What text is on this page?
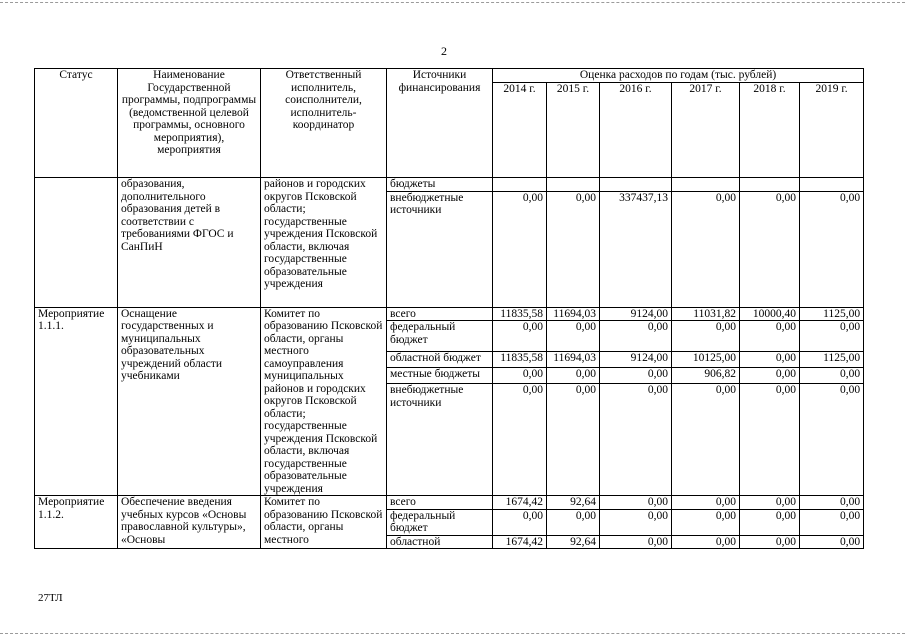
2
Статус	Наименование Государственной программы, подпрограммы (ведомственной целевой программы, основного мероприятия), мероприятия	Ответственный исполнитель, соисполнители, исполнитель-координатор	Источники финансирования	Оценка расходов по годам (тыс. рублей)					
				2014 г.	2015 г.	2016 г.	2017 г.	2018 г.	2019 г.
	образования, дополнительного образования детей в соответствии с требованиями ФГОС и СанПиН	районов и городских округов Псковской области; государственные учреждения Псковской области, включая государственные образовательные учреждения	бюджеты						
			внебюджетные источники	0,00	0,00	337437,13	0,00	0,00	0,00
Мероприятие 1.1.1.	Оснащение государственных и муниципальных образовательных учреждений области учебниками	Комитет по образованию Псковской области, органы местного самоуправления муниципальных районов и городских округов Псковской области; государственные учреждения Псковской области, включая государственные образовательные учреждения	всего	11835,58	11694,03	9124,00	11031,82	10000,40	1125,00
			федеральный бюджет	0,00	0,00	0,00	0,00	0,00	0,00
			областной бюджет	11835,58	11694,03	9124,00	10125,00	0,00	1125,00
			местные бюджеты	0,00	0,00	0,00	906,82	0,00	0,00
			внебюджетные источники	0,00	0,00	0,00	0,00	0,00	0,00
Мероприятие 1.1.2.	Обеспечение введения учебных курсов «Основы православной культуры», «Основы	Комитет по образованию Псковской области, органы местного	всего	1674,42	92,64	0,00	0,00	0,00	0,00
			федеральный бюджет	0,00	0,00	0,00	0,00	0,00	0,00
			областной	1674,42	92,64	0,00	0,00	0,00	0,00
27ТЛ
